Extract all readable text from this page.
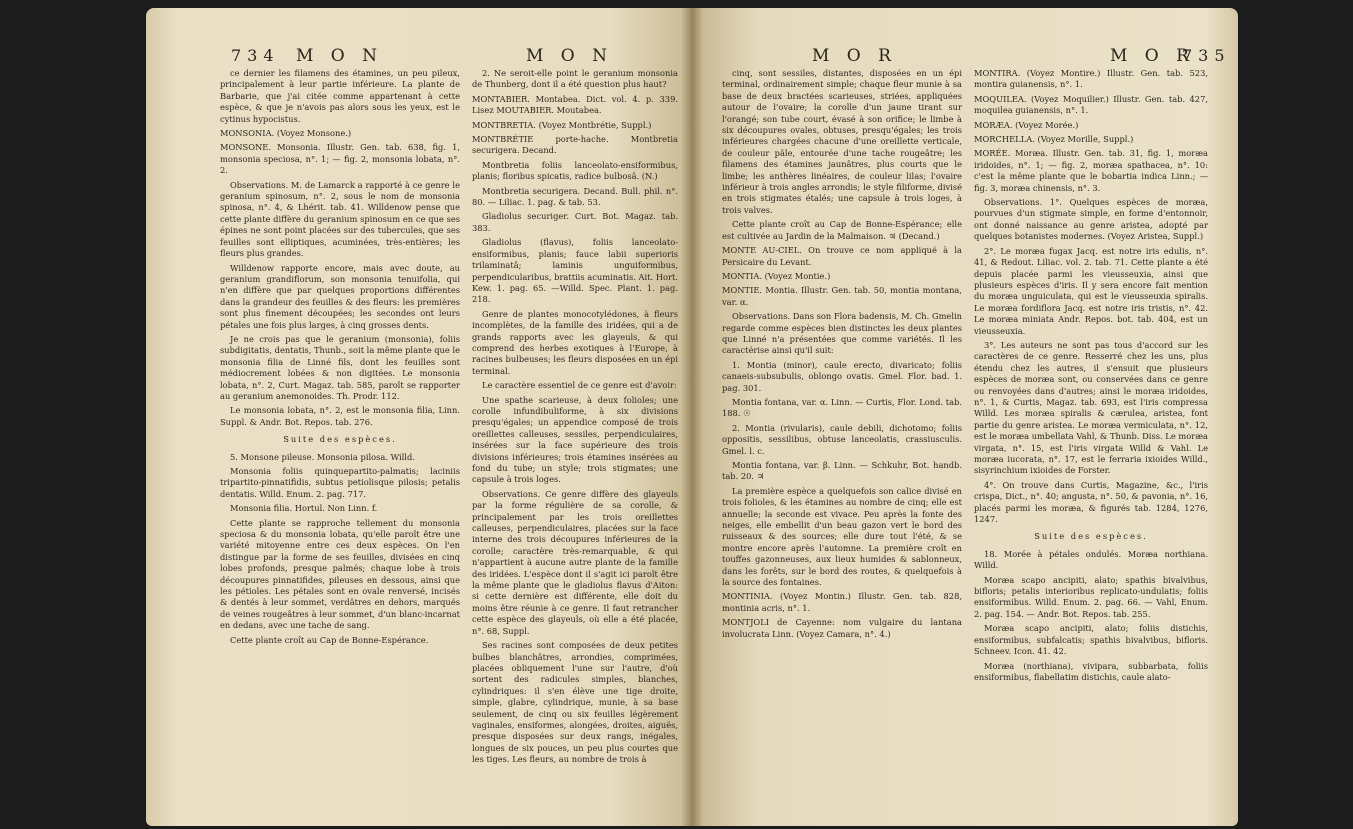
734 M O N	M O N

ce dernier les filamens des étamines, un peu pileux, principalement à leur partie inférieure. La plante de Barbarie, que j'ai citée comme appartenant à cette espèce, & que je n'avois pas alors sous les yeux, est le cytinus hypocistus.

MONSONIA. (Voyez Monsone.)

MONSONE. Monsonia. Illustr. Gen. tab. 638, fig. 1, monsonia speciosa, n°. 1; — fig. 2, monsonia lobata, n°. 2.

Observations. M. de Lamarck a rapporté à ce genre le geranium spinosum, n°. 2, sous le nom de monsonia spinosa, n°. 4, & Lhérit. tab. 41. Willdenow pense que cette plante diffère du geranium spinosum en ce que ses épines ne sont point placées sur des tubercules, que ses feuilles sont elliptiques, acuminées, très-entières; les fleurs plus grandes.

Willdenow rapporte encore, mais avec doute, au geranium grandiflorum, son monsonia tenuifolia, qui n'en diffère que par quelques proportions différentes dans la grandeur des feuilles & des fleurs: les premières sont plus finement découpées; les secondes ont leurs pétales une fois plus larges, à cinq grosses dents.

Je ne crois pas que le geranium (monsonia), foliis subdigitatis, dentatis, Thunb., soit la même plante que le monsonia filia de Linné fils, dont les feuilles sont médiocrement lobées & non digitées. Le monsonia lobata, n°. 2, Curt. Magaz. tab. 585, paroît se rapporter au geranium anemonoides. Th. Prodr. 112.

Le monsonia lobata, n°. 2, est le monsonia filia, Linn. Suppl. & Andr. Bot. Repos. tab. 276.

Suite des espèces.

5. Monsone pileuse. Monsonia pilosa. Willd.

Monsonia foliis quinquepartito-palmatis; laciniis tripartito-pinnatifidis, subtus petiolisque pilosis; petalis dentatis. Willd. Enum. 2. pag. 717.

Monsonia filia. Hortul. Non Linn. f.

Cette plante se rapproche tellement du monsonia speciosa & du monsonia lobata, qu'elle paroît être une variété mitoyenne entre ces deux espèces. On l'en distingue par la forme de ses feuilles, divisées en cinq lobes profonds, presque palmés; chaque lobe à trois découpures pinnatifides, pileuses en dessous, ainsi que les pétioles. Les pétales sont en ovale renversé, incisés & dentés à leur sommet, verdâtres en dehors, marqués de veines rougeâtres à leur sommet, d'un blanc-incarnat en dedans, avec une tache de sang.

Cette plante croît au Cap de Bonne-Espérance.

2. Ne seroit-elle point le geranium monsonia de Thunberg, dont il a été question plus haut?

MONTABIER. Montabea. Dict. vol. 4. p. 339. Lisez MOUTABIER. Moutabea.

MONTBRETIA. (Voyez Montbrétie, Suppl.)

MONTBRÉTIE porte-hache. Montbretia securigera. Decand.

Montbretia foliis lanceolato-ensiformibus, planis; floribus spicatis, radice bulbosâ. (N.)

Montbretia securigera. Decand. Bull. phil. n°. 80. — Liliac. 1. pag. & tab. 53.

Gladiolus securiger. Curt. Bot. Magaz. tab. 383.

Gladiolus (flavus), foliis lanceolato-ensiformibus, planis; fauce labii superioris trilaminatâ; laminis unguiformibus, perpendicularibus, brattiis acuminatis. Ait. Hort. Kew. 1. pag. 65. —Willd. Spec. Plant. 1. pag. 218.

Genre de plantes monocotylédones, à fleurs incomplètes, de la famille des iridées, qui a de grands rapports avec les glayeuls, & qui comprend des herbes exotiques à l'Europe, à racines bulbeuses; les fleurs disposées en un épi terminal.

Le caractère essentiel de ce genre est d'avoir:

Une spathe scarieuse, à deux folioles; une corolle infundibuliforme, à six divisions presqu'égales; un appendice composé de trois oreillettes calleuses, sessiles, perpendiculaires, insérées sur la face supérieure des trois divisions inférieures; trois étamines insérées au fond du tube; un style; trois stigmates; une capsule à trois loges.

Observations. Ce genre diffère des glayeuls par la forme régulière de sa corolle, & principalement par les trois oreillettes calleuses, perpendiculaires, placées sur la face interne des trois découpures inférieures de la corolle; caractère très-remarquable, & qui n'appartient à aucune autre plante de la famille des iridées. L'espèce dont il s'agit ici paroît être la même plante que le gladiolus flavus d'Aiton: si cette dernière est différente, elle doit du moins être réunie à ce genre. Il faut retrancher cette espèce des glayeuls, où elle a été placée, n°. 68, Suppl.

Ses racines sont composées de deux petites bulbes blanchâtres, arrondies, comprimées, placées obliquement l'une sur l'autre, d'où sortent des radicules simples, blanches, cylindriques: il s'en élève une tige droite, simple, glabre, cylindrique, munie, à sa base seulement, de cinq ou six feuilles légèrement vaginales, ensiformes, alongées, droites, aiguës, presque disposées sur deux rangs, inégales, longues de six pouces, un peu plus courtes que les tiges. Les fleurs, au nombre de trois à

M O R	M O R
735

cinq, sont sessiles, distantes, disposées en un épi terminal, ordinairement simple; chaque fleur munie à sa base de deux bractées scarieuses, striées, appliquées autour de l'ovaire; la corolle d'un jaune tirant sur l'orangé; son tube court, évasé à son orifice; le limbe à six découpures ovales, obtuses, presqu'égales; les trois inférieures chargées chacune d'une oreillette verticale, de couleur pâle, entourée d'une tache rougeâtre; les filamens des étamines jaunâtres, plus courts que le limbe; les anthères linéaires, de couleur lilas; l'ovaire inférieur à trois angles arrondis; le style filiforme, divisé en trois stigmates étalés; une capsule à trois loges, à trois valves.

Cette plante croît au Cap de Bonne-Espérance; elle est cultivée au Jardin de la Malmaison. ♃ (Decand.)

MONTE AU-CIEL. On trouve ce nom appliqué à la Persicaire du Levant.

MONTIA. (Voyez Montie.)

MONTIE. Montia. Illustr. Gen. tab. 50, montia montana, var. α.

Observations. Dans son Flora badensis, M. Ch. Gmelin regarde comme espèces bien distinctes les deux plantes que Linné n'a présentées que comme variétés. Il les caractérise ainsi qu'il suit:

1. Montia (minor), caule erecto, divaricato; foliis canaeis-subsubulis, oblongo ovatis. Gmel. Flor. bad. 1. pag. 301.

Montia fontana, var. α. Linn. — Curtis, Flor. Lond. tab. 188. ☉

2. Montia (rivularis), caule debili, dichotomo; foliis oppositis, sessilibus, obtuse lanceolatis, crassiusculis. Gmel. l. c.

Montia fontana, var. β. Linn. — Schkuhr, Bot. handb. tab. 20. ♃

La première espèce a quelquefois son calice divisé en trois folioles, & les étamines au nombre de cinq; elle est annuelle; la seconde est vivace. Peu après la fonte des neiges, elle embellit d'un beau gazon vert le bord des ruisseaux & des sources; elle dure tout l'été, & se montre encore après l'automne. La première croît en touffes gazonneuses, aux lieux humides & sablonneux, dans les forêts, sur le bord des routes, & quelquefois à la source des fontaines.

MONTINIA. (Voyez Montin.) Illustr. Gen. tab. 828, montinia acris, n°. 1.

MONTJOLI de Cayenne: nom vulgaire du lantana involucrata Linn. (Voyez Camara, n°. 4.)

MONTIRA. (Voyez Montire.) Illustr. Gen. tab. 523, montira guianensis, n°. 1.

MOQUILEA. (Voyez Moquilier.) Illustr. Gen. tab. 427, moquilea guianensis, n°. 1.

MORÆA. (Voyez Morée.)

MORCHELLA. (Voyez Morille, Suppl.)

MORÉE. Moræa. Illustr. Gen. tab. 31, fig. 1, moræa iridoides, n°. 1; — fig. 2, moræa spathacea, n°. 10: c'est la même plante que le bobartia indica Linn.; — fig. 3, moræa chinensis, n°. 3.

Observations. 1°. Quelques espèces de moræa, pourvues d'un stigmate simple, en forme d'entonnoir, ont donné naissance au genre aristea, adopté par quelques botanistes modernes. (Voyez Aristea, Suppl.)

2°. Le moræa fugax Jacq. est notre iris edulis, n°. 41, & Redout. Liliac. vol. 2. tab. 71. Cette plante a été depuis placée parmi les vieusseuxia, ainsi que plusieurs espèces d'iris. Il y sera encore fait mention du moræa unguiculata, qui est le vieusseuxia spiralis. Le moræa fordiflora Jacq. est notre iris tristis, n°. 42. Le moræa miniata Andr. Repos. bot. tab. 404, est un vieusseuxia.

3°. Les auteurs ne sont pas tous d'accord sur les caractères de ce genre. Resserré chez les uns, plus étendu chez les autres, il s'ensuit que plusieurs espèces de moræa sont, ou conservées dans ce genre ou renvoyées dans d'autres; ainsi le moræa iridoides, n°. 1, & Curtis, Magaz. tab. 693, est l'iris compressa Willd. Les moræa spiralis & cærulea, aristea, font partie du genre aristea. Le moræa vermiculata, n°. 12, est le moræa umbellata Vahl, & Thunb. Diss. Le moræa virgata, n°. 15, est l'iris virgata Willd & Vahl. Le moræa iucorata, n°. 17, est le ferraria ixioides Willd., sisyrinchium ixioides de Forster.

4°. On trouve dans Curtis, Magazine, &c., l'iris crispa, Dict., n°. 40; angusta, n°. 50, & pavonia, n°. 16, placés parmi les moræa, & figurés tab. 1284, 1276, 1247.

Suite des espèces.

18. Morée à pétales ondulés. Moræa northiana. Willd.

Moræa scapo ancipiti, alato; spathis bivalvibus, bifloris; petalis interioribus replicato-undulatis; foliis ensiformibus. Willd. Enum. 2. pag. 66. — Vahl, Enum. 2. pag. 154. — Andr. Bot. Repos. tab. 255.

Moræa scapo ancipiti, alato; foliis distichis, ensiformibus, subfalcatis; spathis bivalvibus, bifloris. Schneev. Icon. 41. 42.

Moræa (northiana), vivipara, subbarbata, foliis ensiformibus, flabellatim distichis, caule alato-
